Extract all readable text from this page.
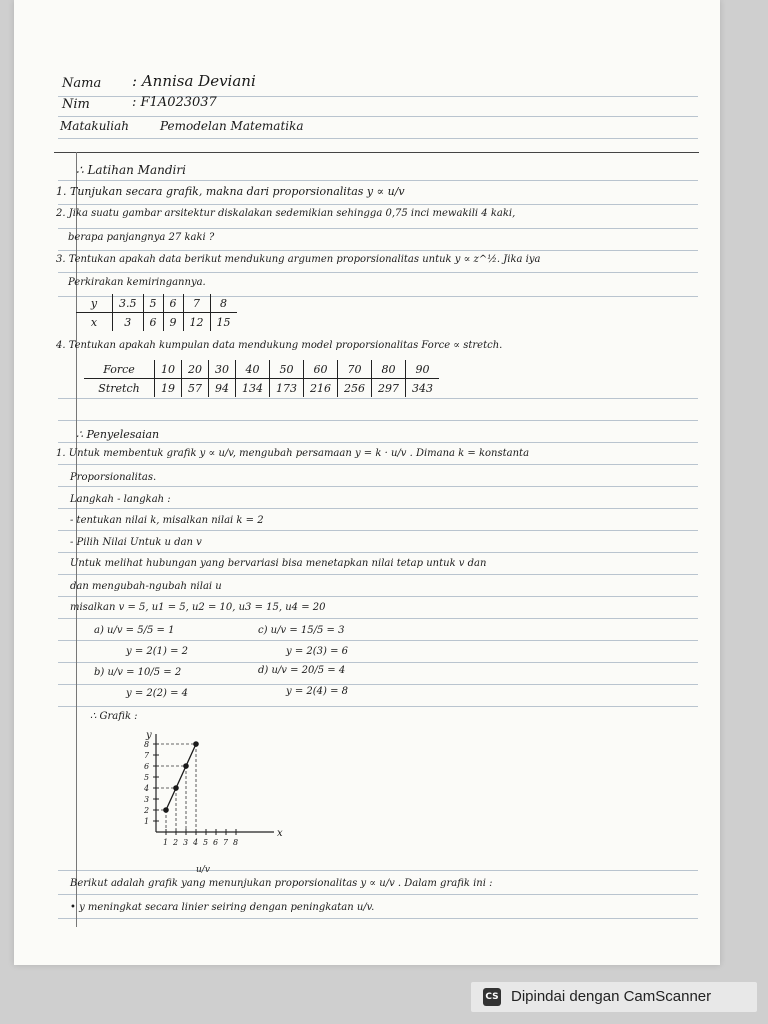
Nama : Annisa Deviani
Nim	: F1A023037
Matakuliah	Pemodelan Matematika
∴ Latihan Mandiri
1. Tunjukan secara grafik, makna dari proporsionalitas y ∝ u/v
2. Jika suatu gambar arsitektur diskalakan sedemikian sehingga 0,75 inci mewakili 4 kaki,
berapa panjangnya 27 kaki ?
3. Tentukan apakah data berikut mendukung argumen proporsionalitas untuk y ∝ z^½. Jika iya
Perkirakan kemiringannya.
y	3.5	5	6	7	8
x	3	6	9	12	15
4. Tentukan apakah kumpulan data mendukung model proporsionalitas Force ∝ stretch.
Force	10	20	30	40	50	60	70	80	90
Stretch	19	57	94	134	173	216	256	297	343
∴ Penyelesaian
1. Untuk membentuk grafik y ∝ u/v, mengubah persamaan y = k · u/v . Dimana k = konstanta
Proporsionalitas.
Langkah - langkah :
- tentukan nilai k, misalkan nilai k = 2
- Pilih Nilai Untuk u dan v
Untuk melihat hubungan yang bervariasi bisa menetapkan nilai tetap untuk v dan
dan mengubah-ngubah nilai u
misalkan v = 5, u1 = 5, u2 = 10, u3 = 15, u4 = 20
a) u/v = 5/5 = 1
y = 2(1) = 2
b) u/v = 10/5 = 2
y = 2(2) = 4
c) u/v = 15/5 = 3
y = 2(3) = 6
d) u/v = 20/5 = 4
y = 2(4) = 8
∴ Grafik :
y
x
u/v
1
2
3
4
5
6
7
8
1 2 3 4 5 6 7 8
Berikut adalah grafik yang menunjukan proporsionalitas y ∝ u/v . Dalam grafik ini :
• y meningkat secara linier seiring dengan peningkatan u/v.
CS Dipindai dengan CamScanner
